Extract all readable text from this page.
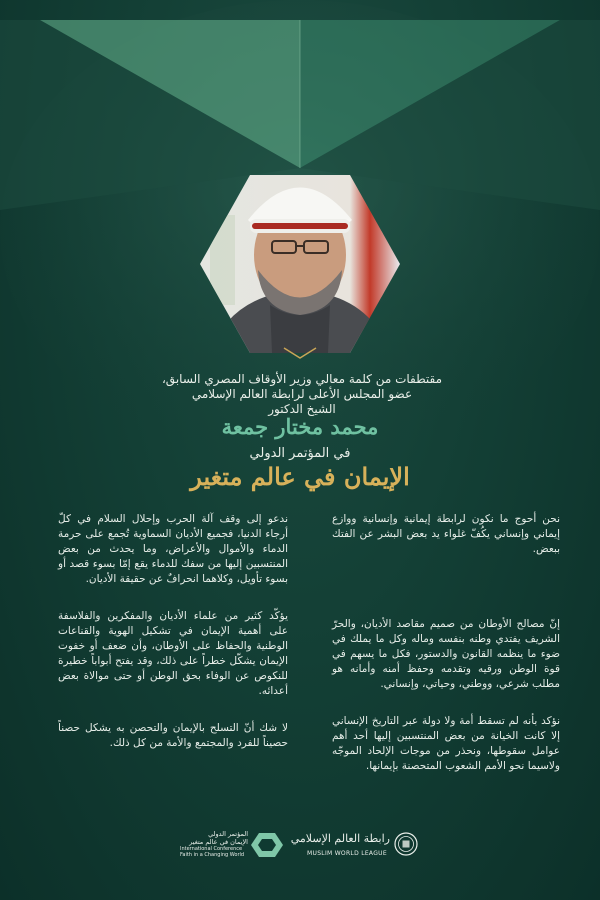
مقتطفات من كلمة معالي وزير الأوقاف المصري السابق،
عضو المجلس الأعلى لرابطة العالم الإسلامي
الشيخ الدكتور
محمد مختار جمعة
في المؤتمر الدولي
الإيمان في عالم متغير

نحن أحوج ما نكون لرابطة إيمانية وإنسانية ووازع إيماني وإنساني يكُفّ غلواء يد بعض البشر عن الفتك ببعض.

إنّ مصالح الأوطان من صميم مقاصد الأديان، والحرّ الشريف يفتدي وطنه بنفسه وماله وكل ما يملك في ضوء ما ينظمه القانون والدستور، فكل ما يسهم في قوة الوطن ورقيه وتقدمه وحفظ أمنه وأمانه هو مطلب شرعي، ووطني، وحياتي، وإنساني.

نؤكد بأنه لم تسقط أمة ولا دولة عبر التاريخ الإنساني إلا كانت الخيانة من بعض المنتسبين إليها أحد أهم عوامل سقوطها، ونحذر من موجات الإلحاد الموجّه ولاسيما نحو الأمم الشعوب المتحصنة بإيمانها.

ندعو إلى وقف آلة الحرب وإحلال السلام في كلّ أرجاء الدنيا، فجميع الأديان السماوية تُجمع على حرمة الدماء والأموال والأعراض، وما يحدث من بعض المنتسبين إليها من سفك للدماء يقع إمّا بسوء قصد أو بسوء تأويل، وكلاهما انحرافٌ عن حقيقة الأديان.

يؤكّد كثير من علماء الأديان والمفكرين والفلاسفة على أهمية الإيمان في تشكيل الهوية والقناعات الوطنية والحفاظ على الأوطان، وأن ضعف أو خفوت الإيمان يشكّل خطراً على ذلك، وقد يفتح أبواباً خطيرة للنكوص عن الوفاء بحق الوطن أو حتى موالاة بعض أعدائه.

لا شك أنّ التسلح بالإيمان والتحصن به يشكل حصناً حصيناً للفرد والمجتمع والأمة من كل ذلك.

المؤتمر الدولي
الإيمان في عالم متغير
International Conference
Faith in a Changing World
رابطة العالم الإسلامي
MUSLIM WORLD LEAGUE
